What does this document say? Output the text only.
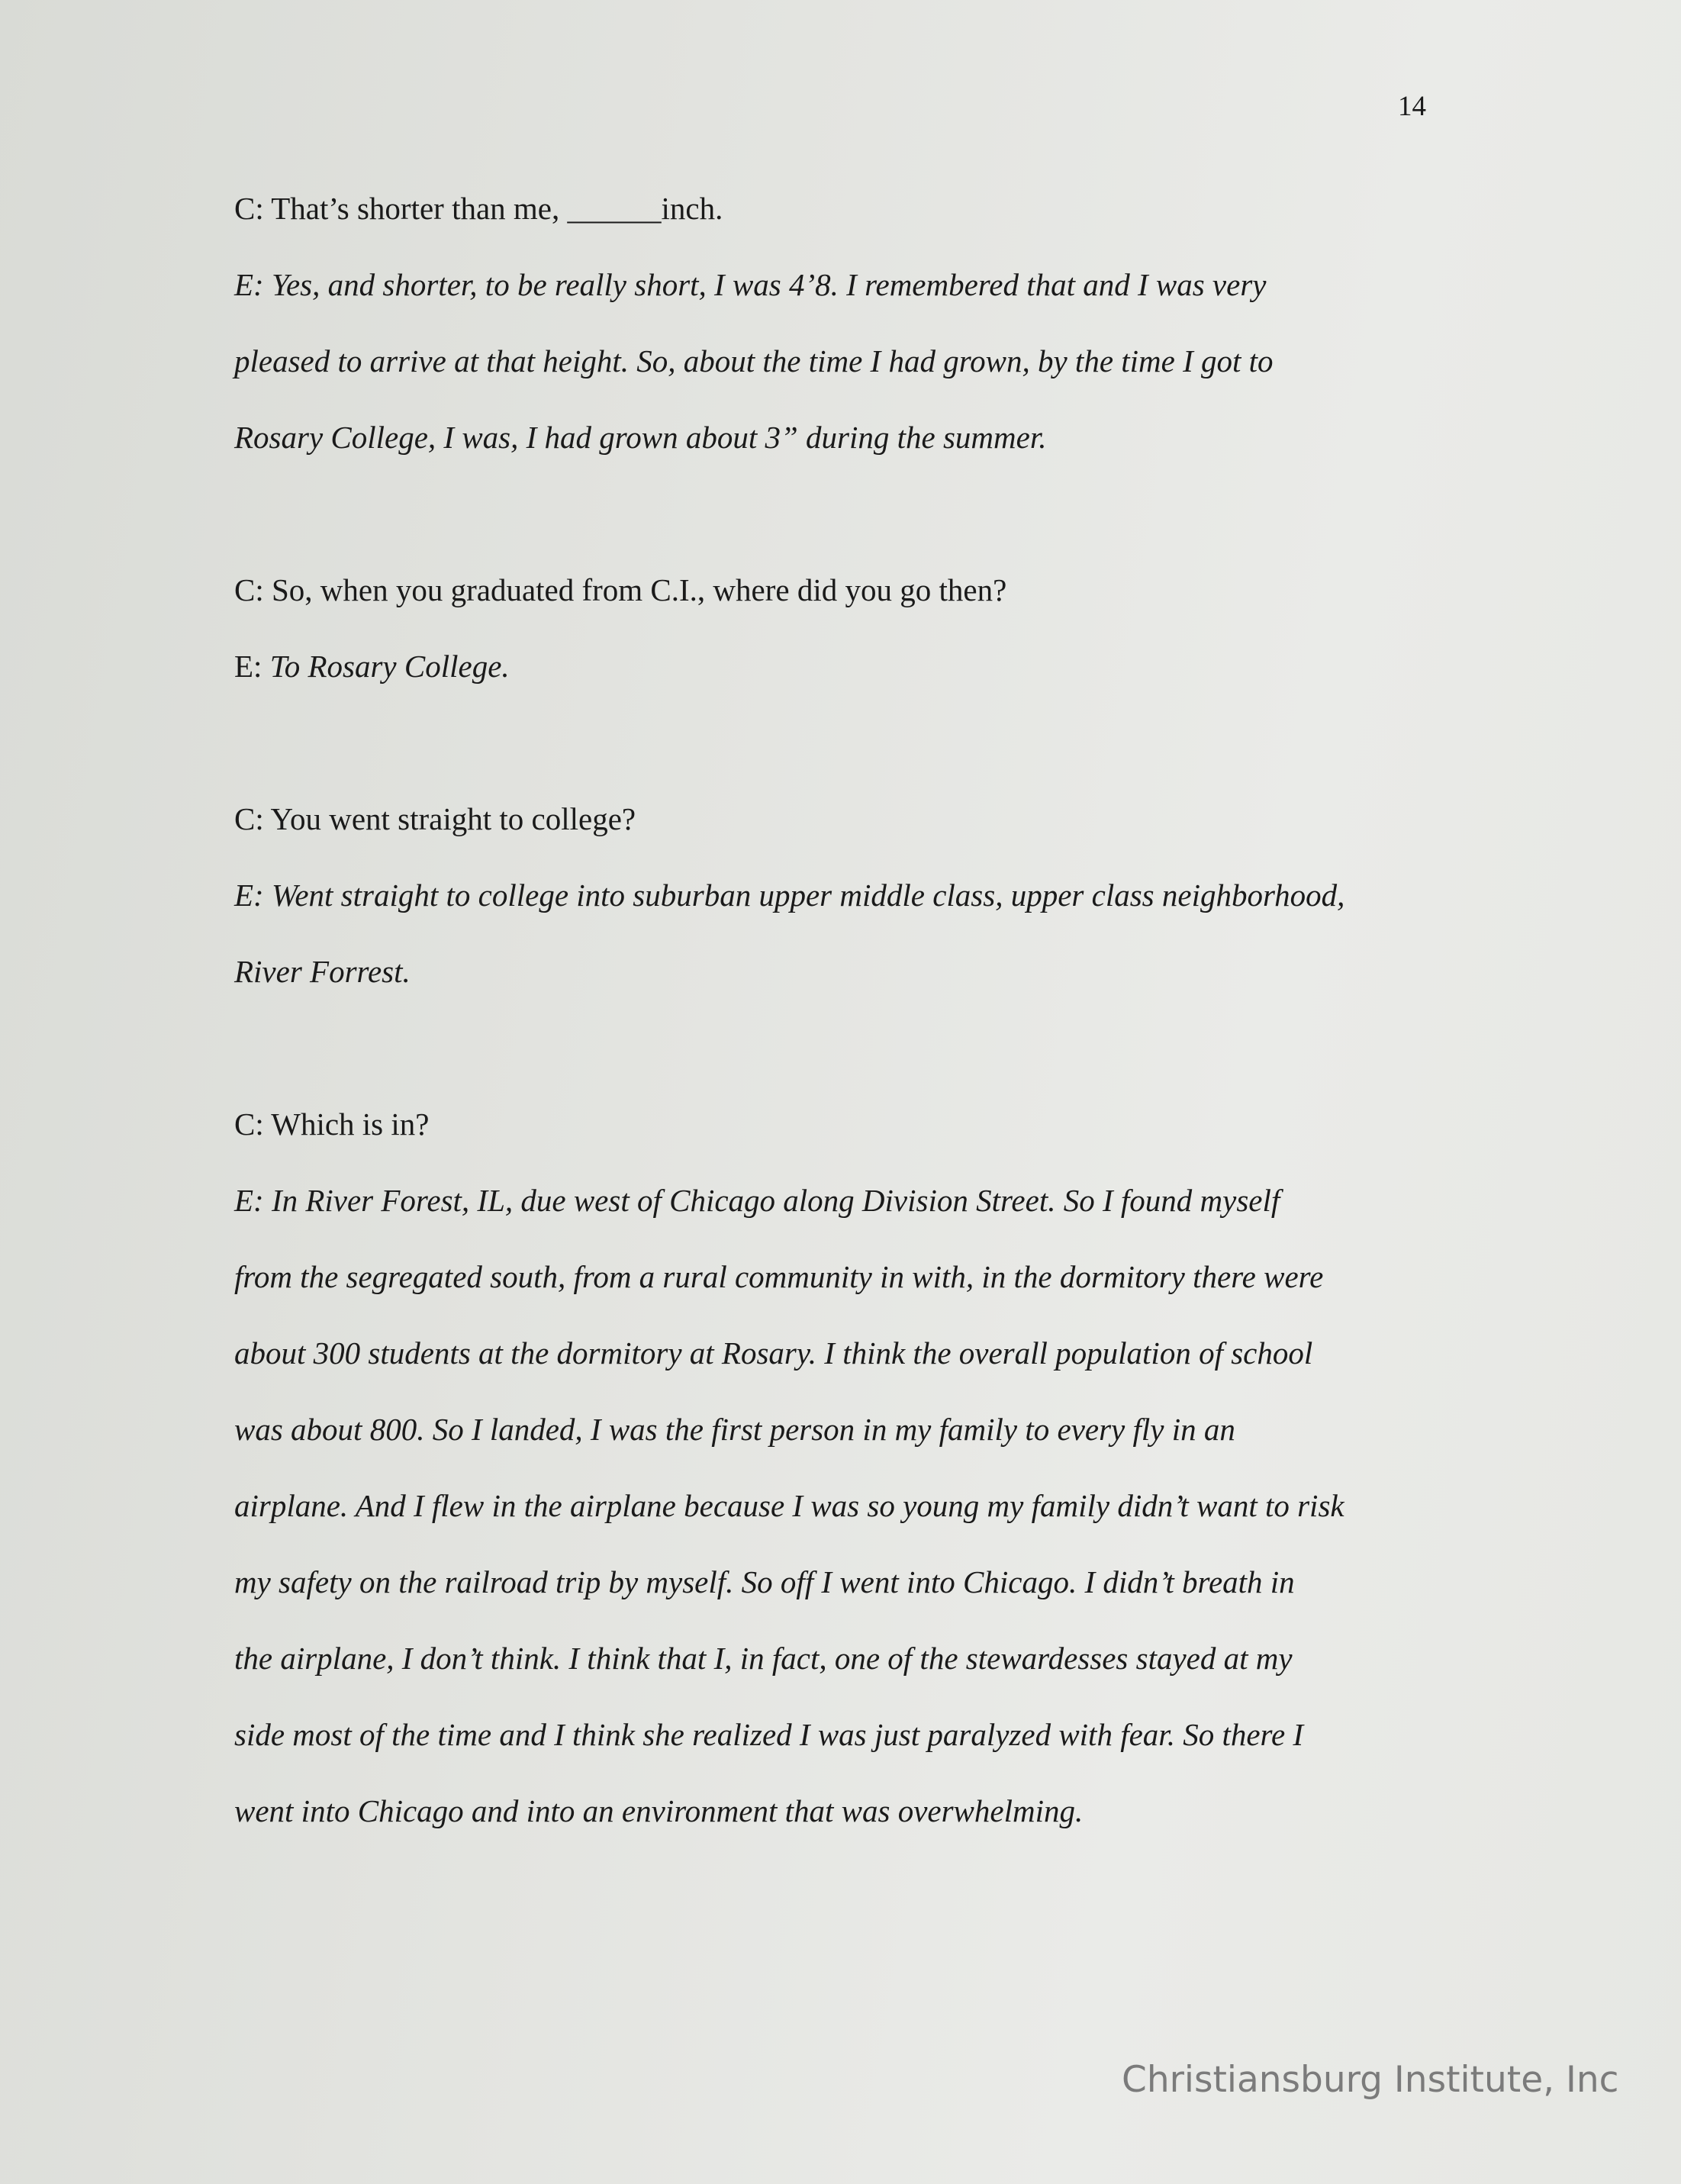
14
C: That’s shorter than me, ______inch.
E: Yes, and shorter, to be really short, I was 4’8. I remembered that and I was very
pleased to arrive at that height. So, about the time I had grown, by the time I got to
Rosary College, I was, I had grown about 3” during the summer.
C: So, when you graduated from C.I., where did you go then?
E: To Rosary College.
C: You went straight to college?
E: Went straight to college into suburban upper middle class, upper class neighborhood,
River Forrest.
C: Which is in?
E: In River Forest, IL, due west of Chicago along Division Street. So I found myself
from the segregated south, from a rural community in with, in the dormitory there were
about 300 students at the dormitory at Rosary. I think the overall population of school
was about 800. So I landed, I was the first person in my family to every fly in an
airplane. And I flew in the airplane because I was so young my family didn’t want to risk
my safety on the railroad trip by myself. So off I went into Chicago. I didn’t breath in
the airplane, I don’t think. I think that I, in fact, one of the stewardesses stayed at my
side most of the time and I think she realized I was just paralyzed with fear. So there I
went into Chicago and into an environment that was overwhelming.
Christiansburg Institute, Inc
